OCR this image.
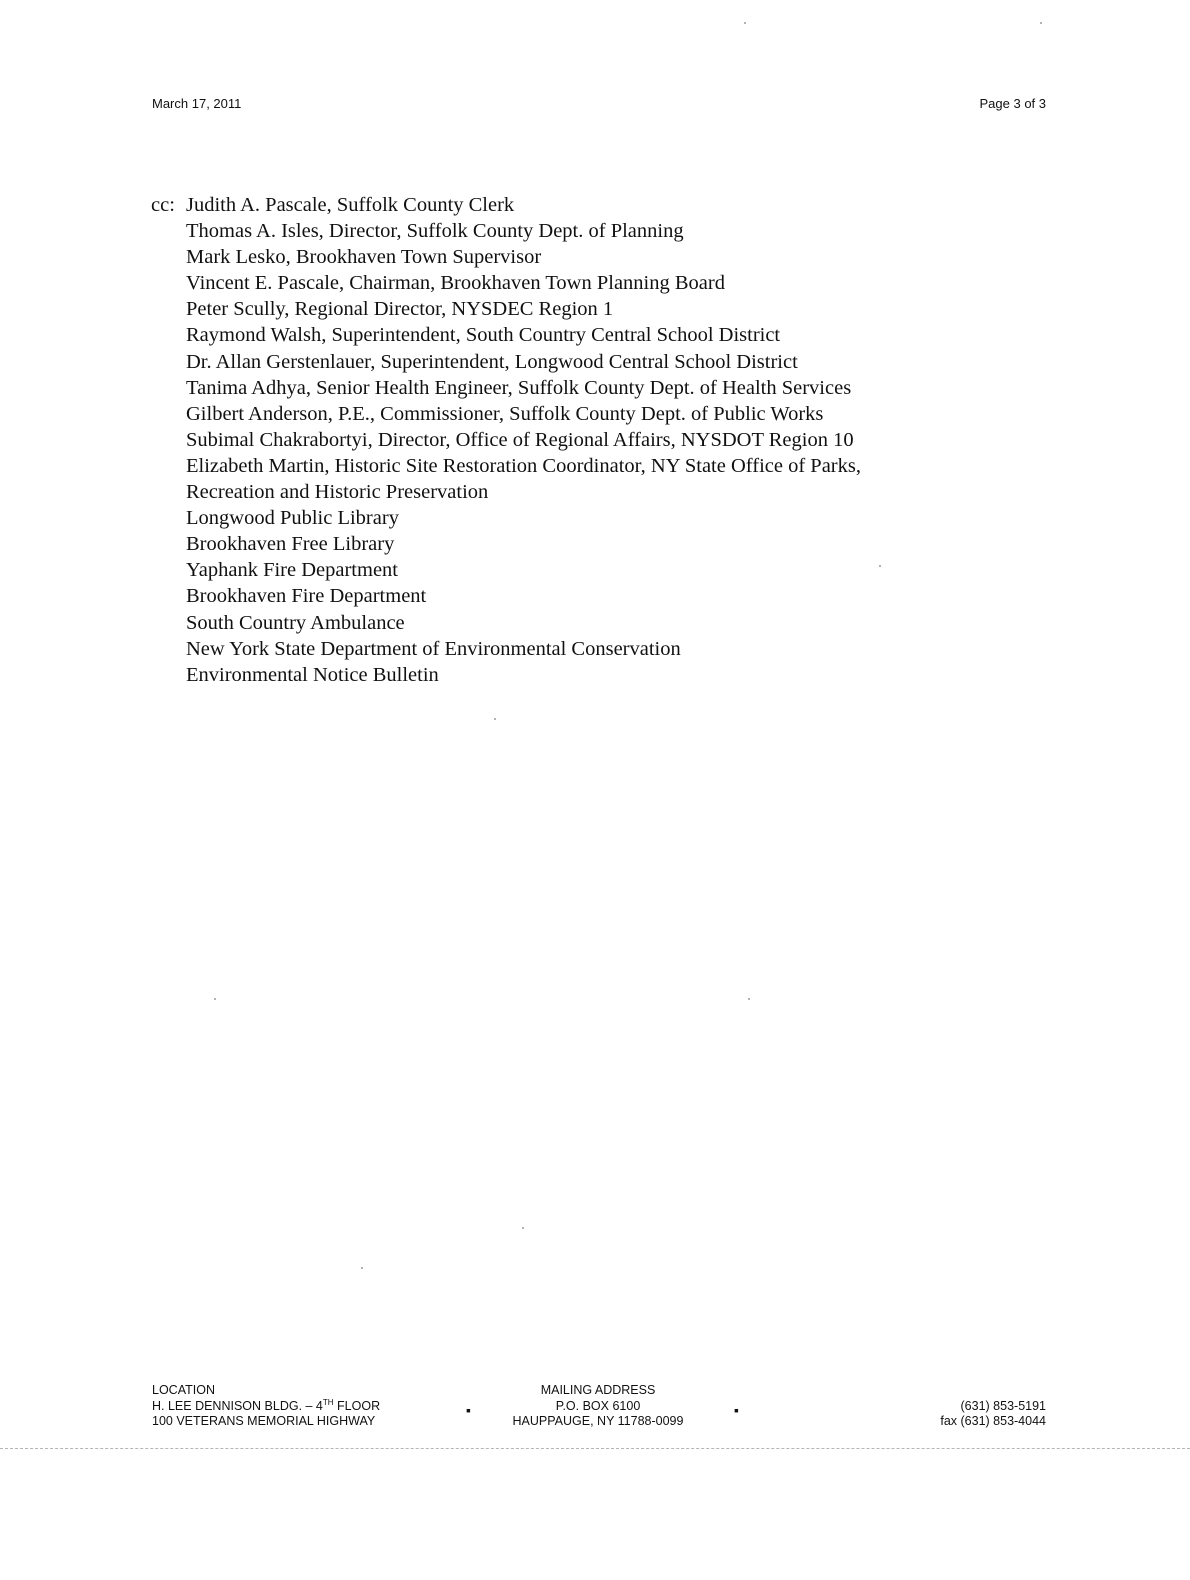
March 17, 2011	Page 3 of 3
cc: Judith A. Pascale, Suffolk County Clerk
Thomas A. Isles, Director, Suffolk County Dept. of Planning
Mark Lesko, Brookhaven Town Supervisor
Vincent E. Pascale, Chairman, Brookhaven Town Planning Board
Peter Scully, Regional Director, NYSDEC Region 1
Raymond Walsh, Superintendent, South Country Central School District
Dr. Allan Gerstenlauer, Superintendent, Longwood Central School District
Tanima Adhya, Senior Health Engineer, Suffolk County Dept. of Health Services
Gilbert Anderson, P.E., Commissioner, Suffolk County Dept. of Public Works
Subimal Chakrabortyi, Director, Office of Regional Affairs, NYSDOT Region 10
Elizabeth Martin, Historic Site Restoration Coordinator, NY State Office of Parks,
Recreation and Historic Preservation
Longwood Public Library
Brookhaven Free Library
Yaphank Fire Department
Brookhaven Fire Department
South Country Ambulance
New York State Department of Environmental Conservation
Environmental Notice Bulletin
LOCATION
H. LEE DENNISON BLDG. – 4TH FLOOR
100 VETERANS MEMORIAL HIGHWAY
▪
MAILING ADDRESS
P.O. BOX 6100
HAUPPAUGE, NY 11788-0099
▪
	(631) 853-5191
fax (631) 853-4044
